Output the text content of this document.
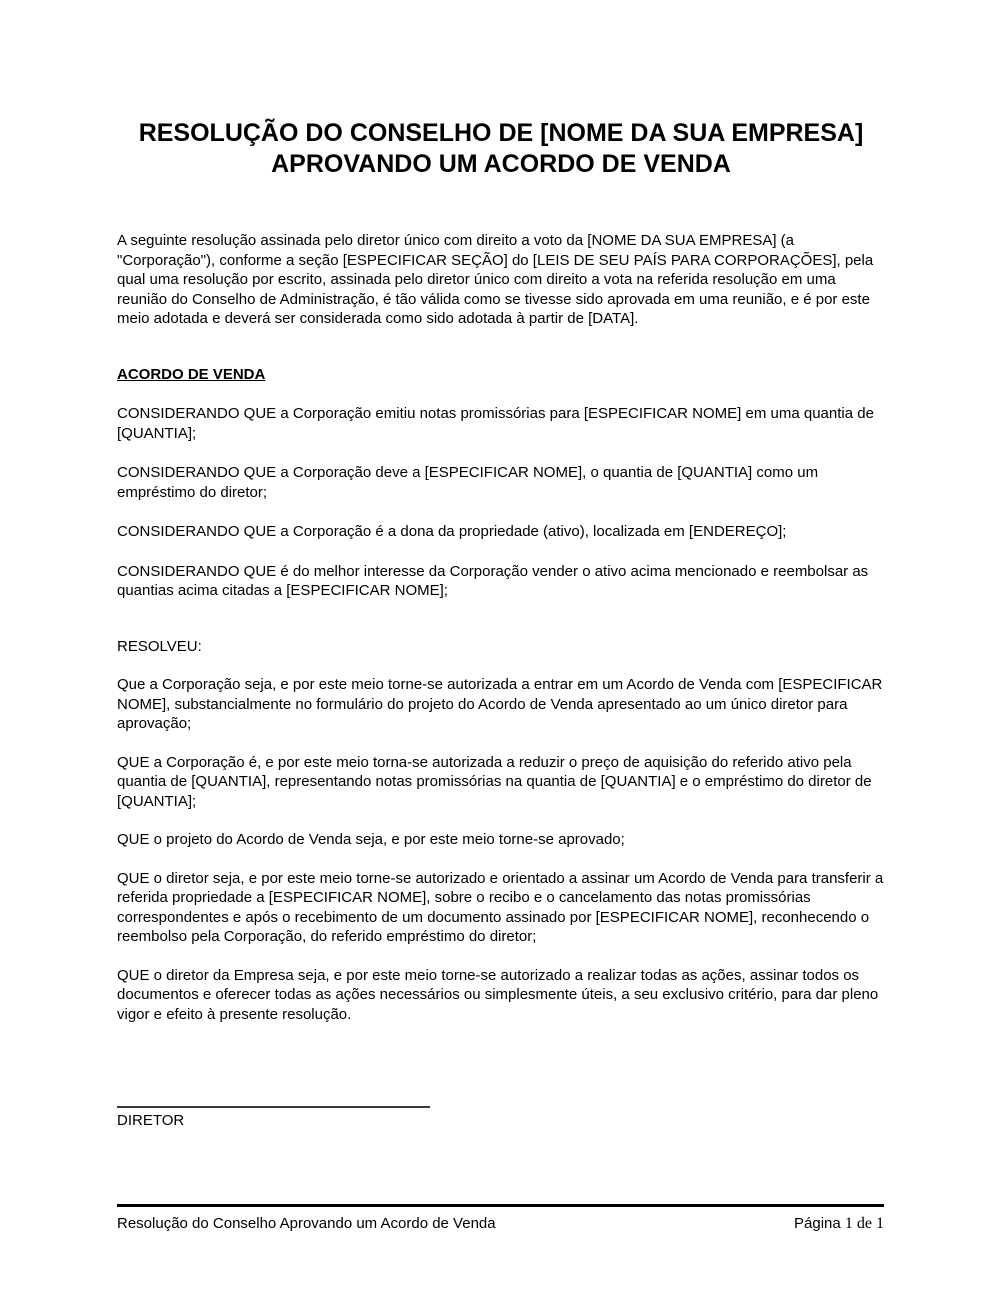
RESOLUÇÃO DO CONSELHO DE [NOME DA SUA EMPRESA]
APROVANDO UM ACORDO DE VENDA

A seguinte resolução assinada pelo diretor único com direito a voto da [NOME DA SUA EMPRESA] (a "Corporação"), conforme a seção [ESPECIFICAR SEÇÃO] do [LEIS DE SEU PAÍS PARA CORPORAÇÕES], pela qual uma resolução por escrito, assinada pelo diretor único com direito a vota na referida resolução em uma reunião do Conselho de Administração, é tão válida como se tivesse sido aprovada em uma reunião, e é por este meio adotada e deverá ser considerada como sido adotada à partir de [DATA].

ACORDO DE VENDA

CONSIDERANDO QUE a Corporação emitiu notas promissórias para [ESPECIFICAR NOME] em uma quantia de [QUANTIA];

CONSIDERANDO QUE a Corporação deve a [ESPECIFICAR NOME], o quantia de [QUANTIA] como um empréstimo do diretor;

CONSIDERANDO QUE a Corporação é a dona da propriedade (ativo), localizada em [ENDEREÇO];

CONSIDERANDO QUE é do melhor interesse da Corporação vender o ativo acima mencionado e reembolsar as quantias acima citadas a [ESPECIFICAR NOME];

RESOLVEU:

Que a Corporação seja, e por este meio torne-se autorizada a entrar em um Acordo de Venda com [ESPECIFICAR NOME], substancialmente no formulário do projeto do Acordo de Venda apresentado ao um único diretor para aprovação;

QUE a Corporação é, e por este meio torna-se autorizada a reduzir o preço de aquisição do referido ativo pela quantia de [QUANTIA], representando notas promissórias na quantia de [QUANTIA] e o empréstimo do diretor de [QUANTIA];

QUE o projeto do Acordo de Venda seja, e por este meio torne-se aprovado;

QUE o diretor seja, e por este meio torne-se autorizado e orientado a assinar um Acordo de Venda para transferir a referida propriedade a [ESPECIFICAR NOME], sobre o recibo e o cancelamento das notas promissórias correspondentes e após o recebimento de um documento assinado por [ESPECIFICAR NOME], reconhecendo o reembolso pela Corporação, do referido empréstimo do diretor;

QUE o diretor da Empresa seja, e por este meio torne-se autorizado a realizar todas as ações, assinar todos os documentos e oferecer todas as ações necessários ou simplesmente úteis, a seu exclusivo critério, para dar pleno vigor e efeito à presente resolução.

DIRETOR
Resolução do Conselho Aprovando um Acordo de Venda	Página 1 de 1
